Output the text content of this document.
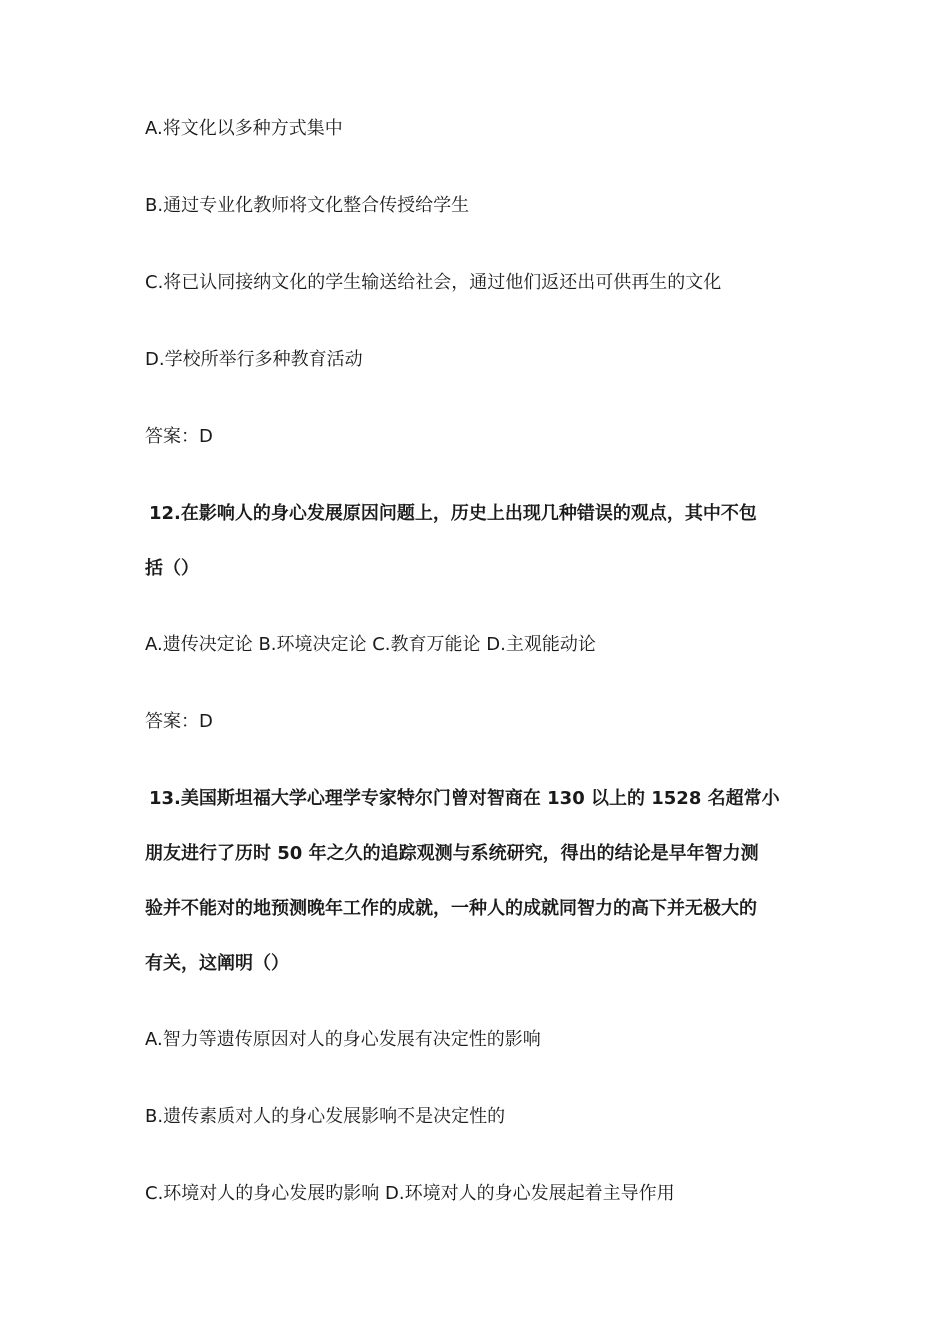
A.将文化以多种方式集中
B.通过专业化教师将文化整合传授给学生
C.将已认同接纳文化的学生输送给社会，通过他们返还出可供再生的文化
D.学校所举行多种教育活动
答案：D
12.在影响人的身心发展原因问题上，历史上出现几种错误的观点，其中不包
括（）
A.遗传决定论 B.环境决定论 C.教育万能论 D.主观能动论
答案：D
13.美国斯坦福大学心理学专家特尔门曾对智商在 130 以上的 1528 名超常小
朋友进行了历时 50 年之久的追踪观测与系统研究，得出的结论是早年智力测
验并不能对的地预测晚年工作的成就，一种人的成就同智力的高下并无极大的
有关，这阐明（）
A.智力等遗传原因对人的身心发展有决定性的影响
B.遗传素质对人的身心发展影响不是决定性的
C.环境对人的身心发展旳影响 D.环境对人的身心发展起着主导作用
